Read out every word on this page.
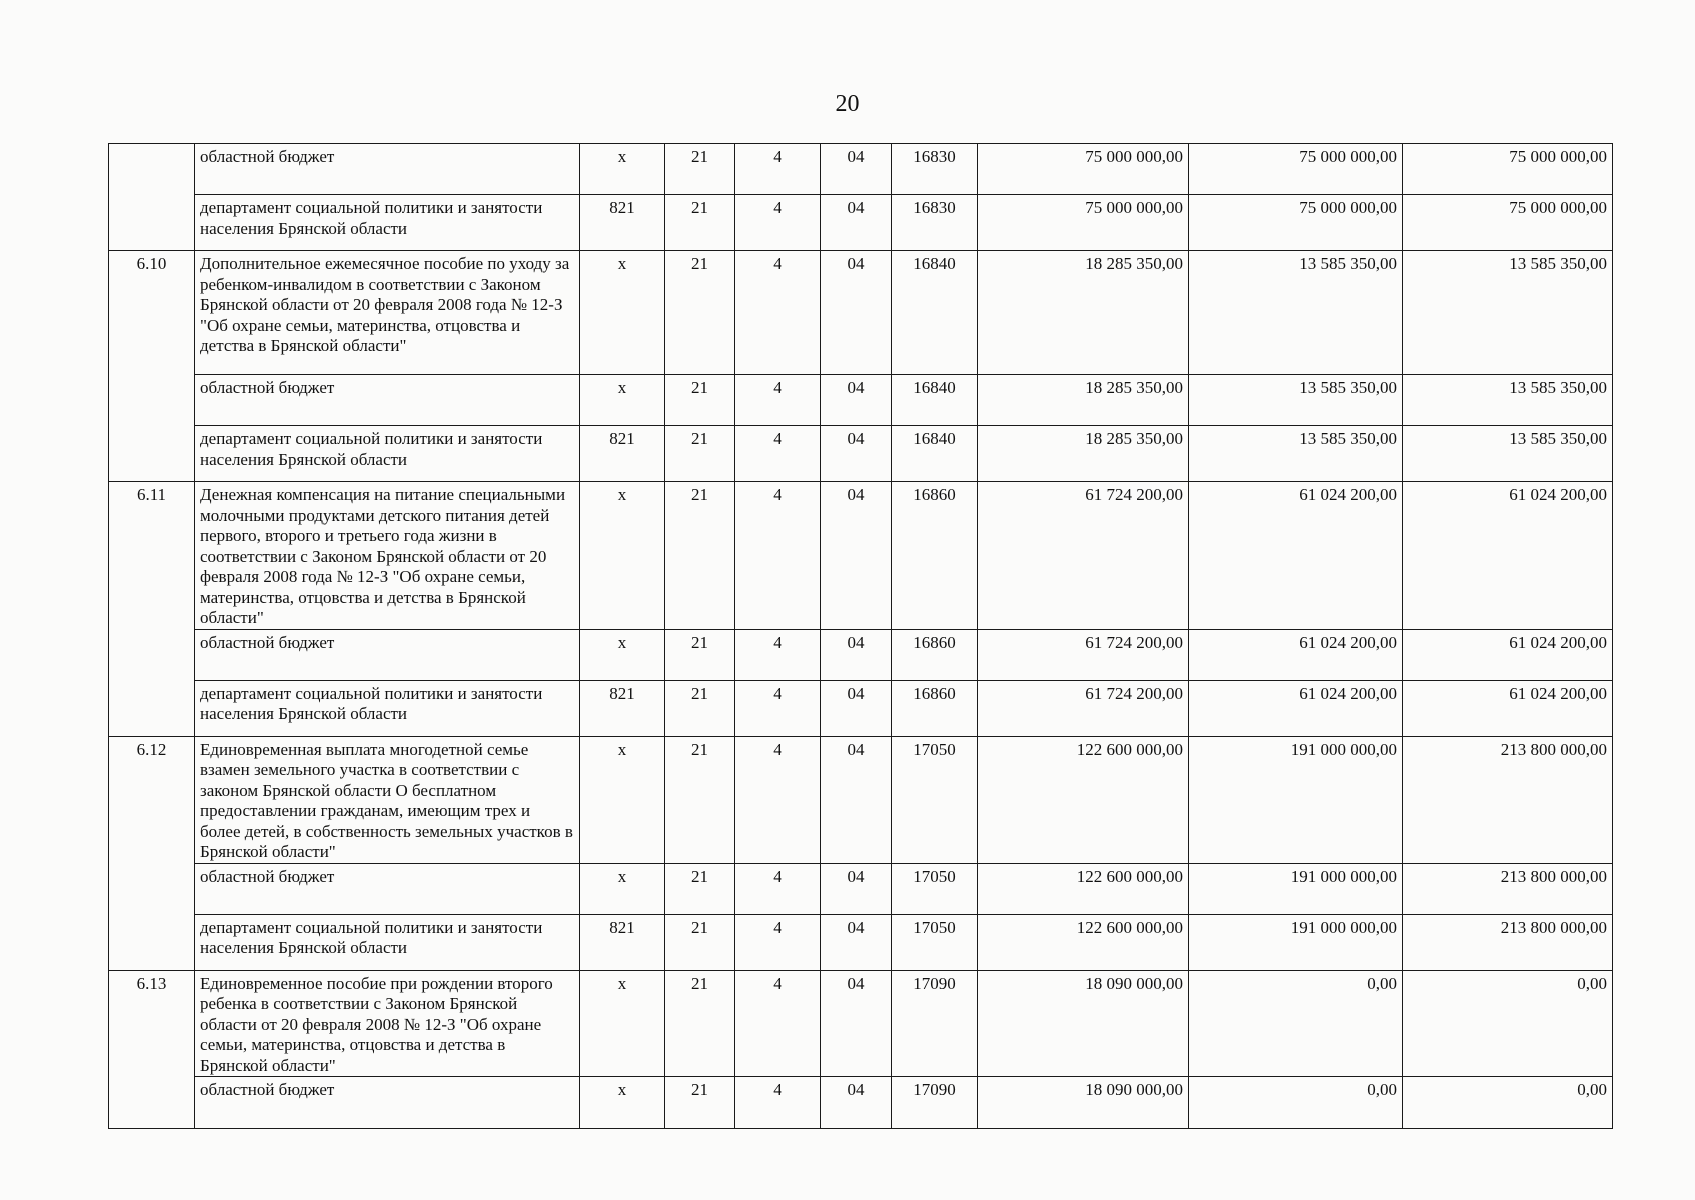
20
	областной бюджет	х	21	4	04	16830	75 000 000,00	75 000 000,00	75 000 000,00
	департамент социальной политики и занятости населения Брянской области	821	21	4	04	16830	75 000 000,00	75 000 000,00	75 000 000,00
6.10	Дополнительное ежемесячное пособие по уходу за ребенком-инвалидом в соответствии с Законом Брянской области от 20 февраля 2008 года № 12-З "Об охране семьи, материнства, отцовства и детства в Брянской области"	х	21	4	04	16840	18 285 350,00	13 585 350,00	13 585 350,00
	областной бюджет	х	21	4	04	16840	18 285 350,00	13 585 350,00	13 585 350,00
	департамент социальной политики и занятости населения Брянской области	821	21	4	04	16840	18 285 350,00	13 585 350,00	13 585 350,00
6.11	Денежная компенсация на питание специальными молочными продуктами детского питания детей первого, второго и третьего года жизни в соответствии с Законом Брянской области от 20 февраля 2008 года № 12-З "Об охране семьи, материнства, отцовства и детства в Брянской области"	х	21	4	04	16860	61 724 200,00	61 024 200,00	61 024 200,00
	областной бюджет	х	21	4	04	16860	61 724 200,00	61 024 200,00	61 024 200,00
	департамент социальной политики и занятости населения Брянской области	821	21	4	04	16860	61 724 200,00	61 024 200,00	61 024 200,00
6.12	Единовременная выплата многодетной семье взамен земельного участка в соответствии с законом Брянской области О бесплатном предоставлении гражданам, имеющим трех и более детей, в собственность земельных участков в Брянской области"	х	21	4	04	17050	122 600 000,00	191 000 000,00	213 800 000,00
	областной бюджет	х	21	4	04	17050	122 600 000,00	191 000 000,00	213 800 000,00
	департамент социальной политики и занятости населения Брянской области	821	21	4	04	17050	122 600 000,00	191 000 000,00	213 800 000,00
6.13	Единовременное пособие при рождении второго ребенка в соответствии с Законом Брянской области от 20 февраля 2008 № 12-З "Об охране семьи, материнства, отцовства и детства в Брянской области"	х	21	4	04	17090	18 090 000,00	0,00	0,00
	областной бюджет	х	21	4	04	17090	18 090 000,00	0,00	0,00
